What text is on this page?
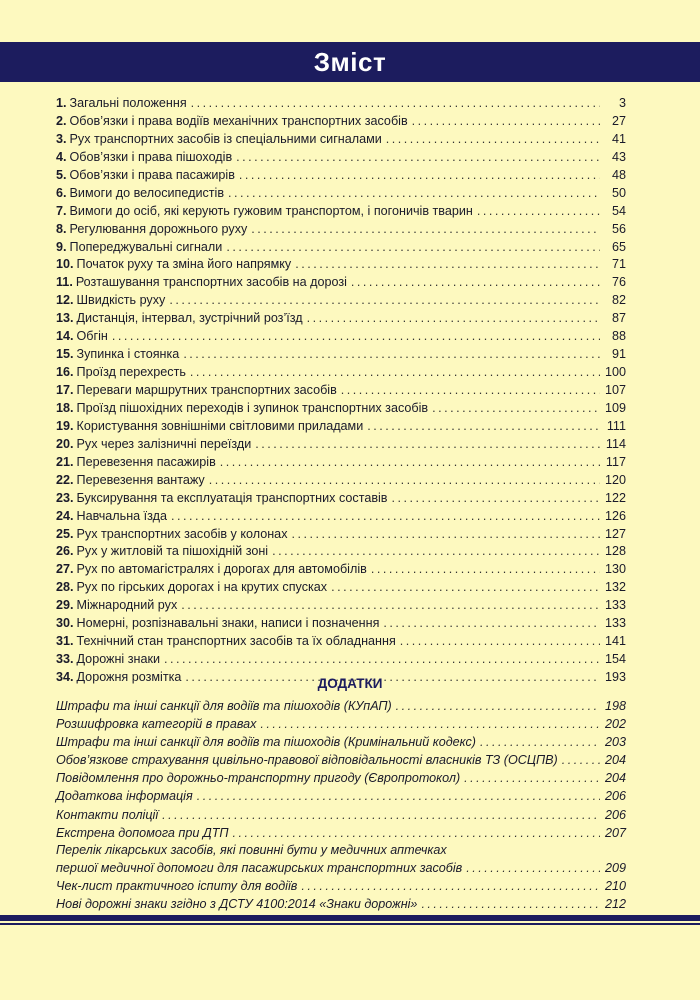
Зміст
1. Загальні положення . . .	3
2. Обов’язки і права водіїв механічних транспортних засобів . . .	27
3. Рух транспортних засобів із спеціальними сигналами . . .	41
4. Обов’язки і права пішоходів . . .	43
5. Обов’язки і права пасажирів . . .	48
6. Вимоги до велосипедистів . . .	50
7. Вимоги до осіб, які керують гужовим транспортом, і погоничів тварин . . .	54
8. Регулювання дорожнього руху . . .	56
9. Попереджувальні сигнали . . .	65
10. Початок руху та зміна його напрямку . . .	71
11. Розташування транспортних засобів на дорозі . . .	76
12. Швидкість руху . . .	82
13. Дистанція, інтервал, зустрічний роз’їзд . . .	87
14. Обгін . . .	88
15. Зупинка і стоянка . . .	91
16. Проїзд перехресть . . .	100
17. Переваги маршрутних транспортних засобів . . .	107
18. Проїзд пішохідних переходів і зупинок транспортних засобів . . .	109
19. Користування зовнішніми світловими приладами . . .	111
20. Рух через залізничні переїзди . . .	114
21. Перевезення пасажирів . . .	117
22. Перевезення вантажу . . .	120
23. Буксирування та експлуатація транспортних составів . . .	122
24. Навчальна їзда . . .	126
25. Рух транспортних засобів у колонах . . .	127
26. Рух у житловій та пішохідній зоні . . .	128
27. Рух по автомагістралях і дорогах для автомобілів . . .	130
28. Рух по гірських дорогах і на крутих спусках . . .	132
29. Міжнародний рух . . .	133
30. Номерні, розпізнавальні знаки, написи і позначення . . .	133
31. Технічний стан транспортних засобів та їх обладнання . . .	141
33. Дорожні знаки . . .	154
34. Дорожня розмітка . . .	193
ДОДАТКИ
Штрафи та інші санкції для водіїв та пішоходів (КУпАП) . . .	198
Розшифровка категорій в правах . . .	202
Штрафи та інші санкції для водіїв та пішоходів (Кримінальний кодекс) . . .	203
Обов’язкове страхування цивільно-правової відповідальності власників ТЗ (ОСЦПВ) . . .	204
Повідомлення про дорожньо-транспортну пригоду (Європротокол) . . .	204
Додаткова інформація . . .	206
Контакти поліції . . .	206
Екстрена допомога при ДТП . . .	207
Перелік лікарських засобів, які повинні бути у медичних аптечках
першої медичної допомоги для пасажирських транспортних засобів . . .	209
Чек-лист практичного іспиту для водіїв . . .	210
Нові дорожні знаки згідно з ДСТУ 4100:2014 «Знаки дорожні» . . .	212
